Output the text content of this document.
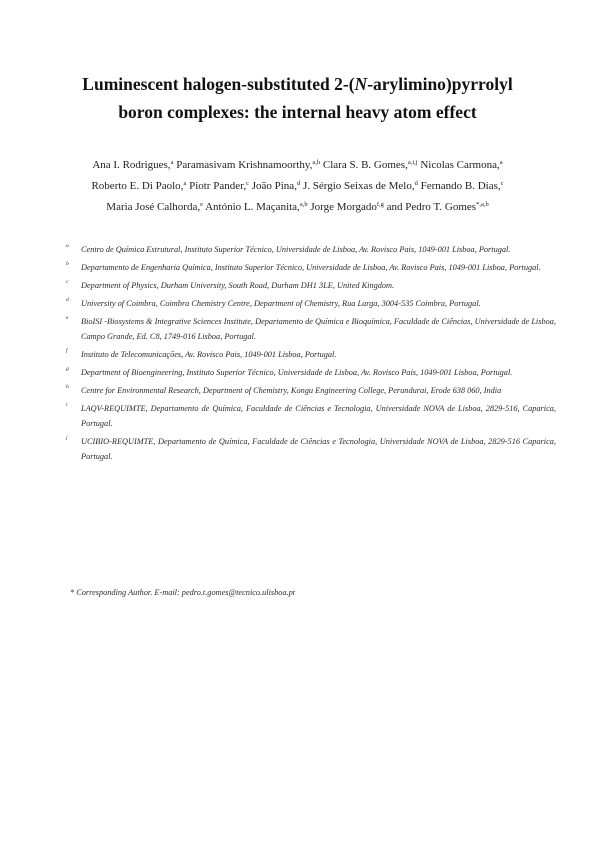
Luminescent halogen-substituted 2-(N-arylimino)pyrrolyl
boron complexes: the internal heavy atom effect
Ana I. Rodrigues,$^a$ Paramasivam Krishnamoorthy,$^{a,h}$ Clara S. B. Gomes,$^{a,i,j}$ Nicolas Carmona,$^a$
Roberto E. Di Paolo,$^a$ Piotr Pander,$^c$ João Pina,$^d$ J. Sérgio Seixas de Melo,$^d$ Fernando B. Dias,$^c$
Maria José Calhorda,$^e$ António L. Maçanita,$^{a,b}$ Jorge Morgado$^{f,g}$ and Pedro T. Gomes$^{*,a,b}$
a Centro de Química Estrutural, Instituto Superior Técnico, Universidade de Lisboa, Av. Rovisco Pais, 1049-001 Lisboa, Portugal.
b Departamento de Engenharia Química, Instituto Superior Técnico, Universidade de Lisboa, Av. Rovisco Pais, 1049-001 Lisboa, Portugal.
c Department of Physics, Durham University, South Road, Durham DH1 3LE, United Kingdom.
d University of Coimbra, Coimbra Chemistry Centre, Department of Chemistry, Rua Larga, 3004-535 Coimbra, Portugal.
e BioISI -Biosystems & Integrative Sciences Institute, Departamento de Química e Bioquímica, Faculdade de Ciências, Universidade de Lisboa, Campo Grande, Ed. C8, 1749-016 Lisboa, Portugal.
f Instituto de Telecomunicações, Av. Rovisco Pais, 1049-001 Lisboa, Portugal.
g Department of Bioengineering, Instituto Superior Técnico, Universidade de Lisboa, Av. Rovisco Pais, 1049-001 Lisboa, Portugal.
h Centre for Environmental Research, Department of Chemistry, Kongu Engineering College, Perundurai, Erode 638 060, India
i LAQV-REQUIMTE, Departamento de Química, Faculdade de Ciências e Tecnologia, Universidade NOVA de Lisboa, 2829-516, Caparica, Portugal.
j UCIBIO-REQUIMTE, Departamento de Química, Faculdade de Ciências e Tecnologia, Universidade NOVA de Lisboa, 2829-516 Caparica, Portugal.
* Corresponding Author. E-mail: pedro.t.gomes@tecnico.ulisboa.pt
